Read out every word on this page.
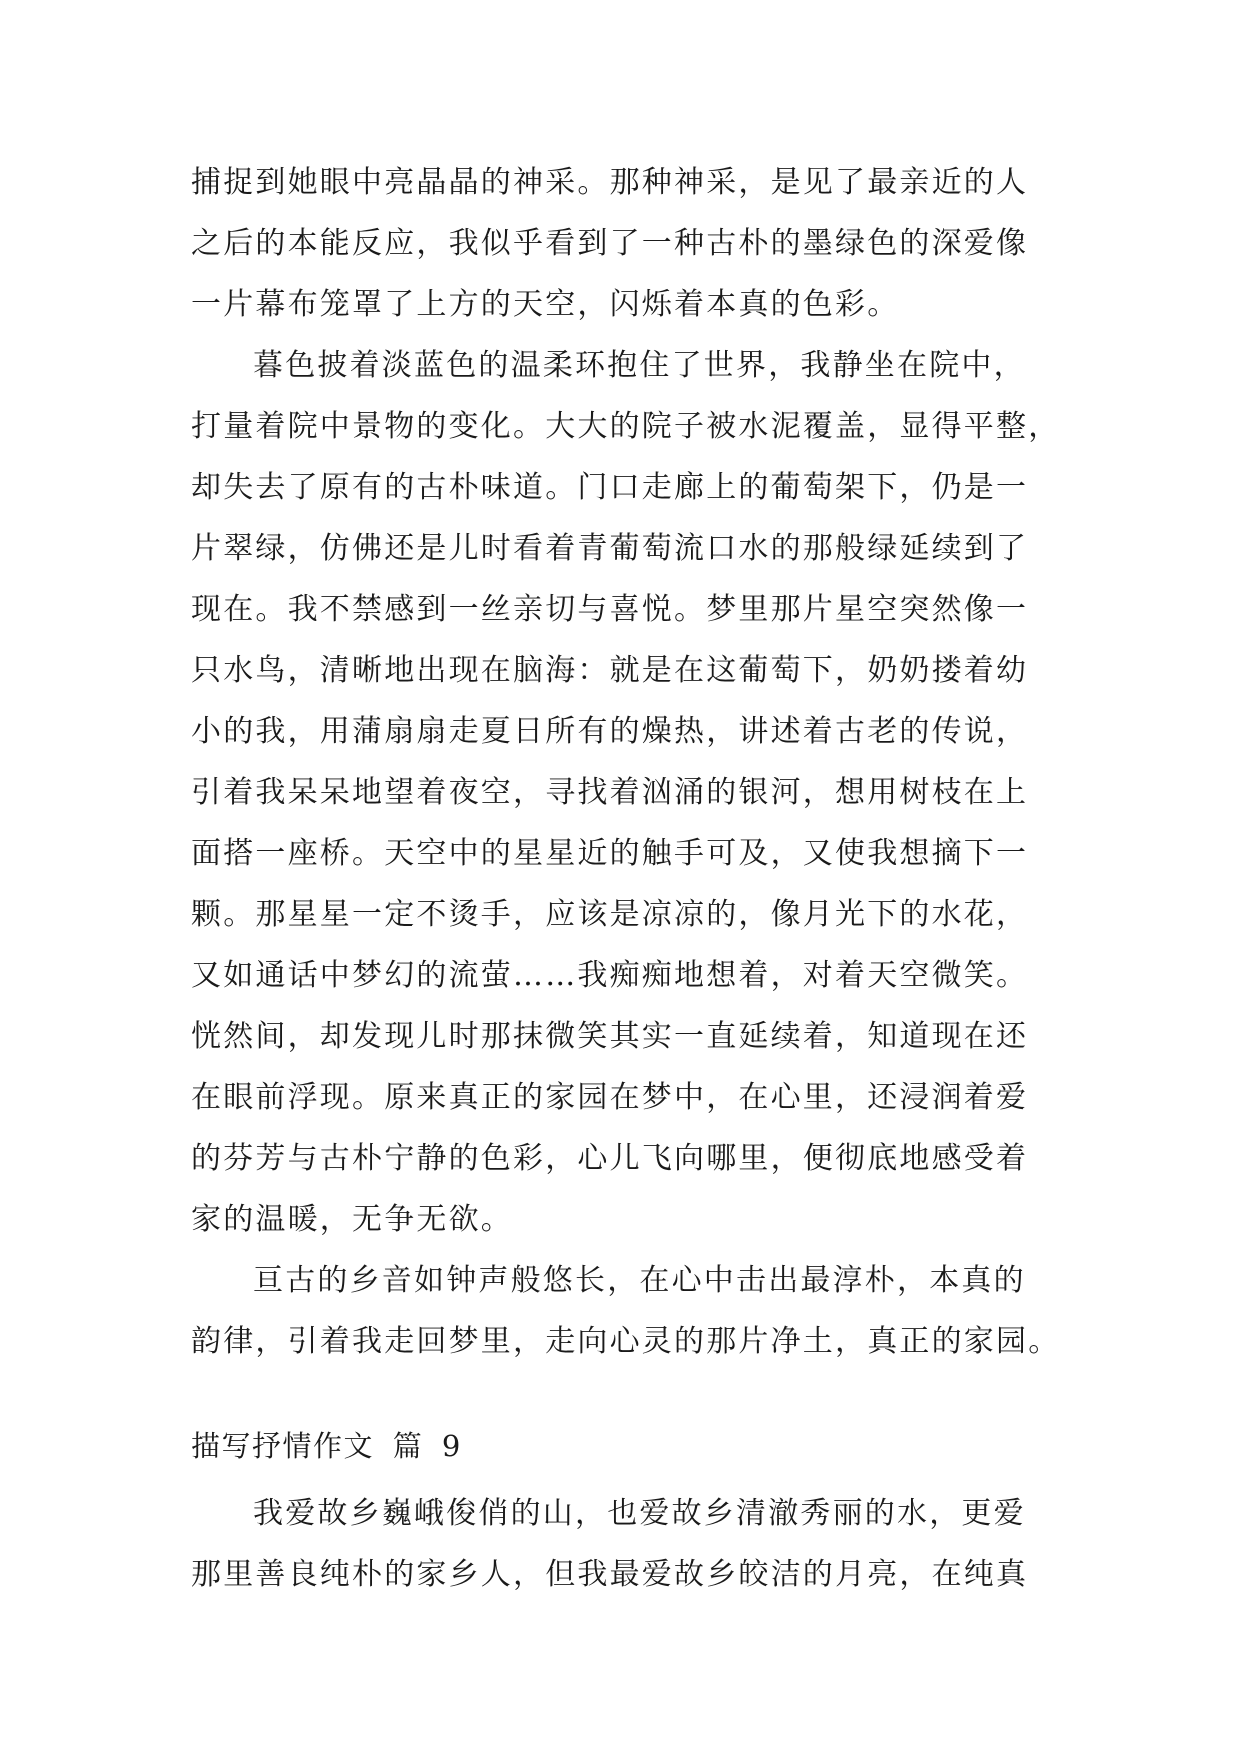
捕捉到她眼中亮晶晶的神采。那种神采，是见了最亲近的人
之后的本能反应，我似乎看到了一种古朴的墨绿色的深爱像
一片幕布笼罩了上方的天空，闪烁着本真的色彩。
暮色披着淡蓝色的温柔环抱住了世界，我静坐在院中，
打量着院中景物的变化。大大的院子被水泥覆盖，显得平整，
却失去了原有的古朴味道。门口走廊上的葡萄架下，仍是一
片翠绿，仿佛还是儿时看着青葡萄流口水的那般绿延续到了
现在。我不禁感到一丝亲切与喜悦。梦里那片星空突然像一
只水鸟，清晰地出现在脑海：就是在这葡萄下，奶奶搂着幼
小的我，用蒲扇扇走夏日所有的燥热，讲述着古老的传说，
引着我呆呆地望着夜空，寻找着汹涌的银河，想用树枝在上
面搭一座桥。天空中的星星近的触手可及，又使我想摘下一
颗。那星星一定不烫手，应该是凉凉的，像月光下的水花，
又如通话中梦幻的流萤……我痴痴地想着，对着天空微笑。
恍然间，却发现儿时那抹微笑其实一直延续着，知道现在还
在眼前浮现。原来真正的家园在梦中，在心里，还浸润着爱
的芬芳与古朴宁静的色彩，心儿飞向哪里，便彻底地感受着
家的温暖，无争无欲。
亘古的乡音如钟声般悠长，在心中击出最淳朴，本真的
韵律，引着我走回梦里，走向心灵的那片净土，真正的家园。
描写抒情作文 篇 9
我爱故乡巍峨俊俏的山，也爱故乡清澈秀丽的水，更爱
那里善良纯朴的家乡人，但我最爱故乡皎洁的月亮，在纯真
